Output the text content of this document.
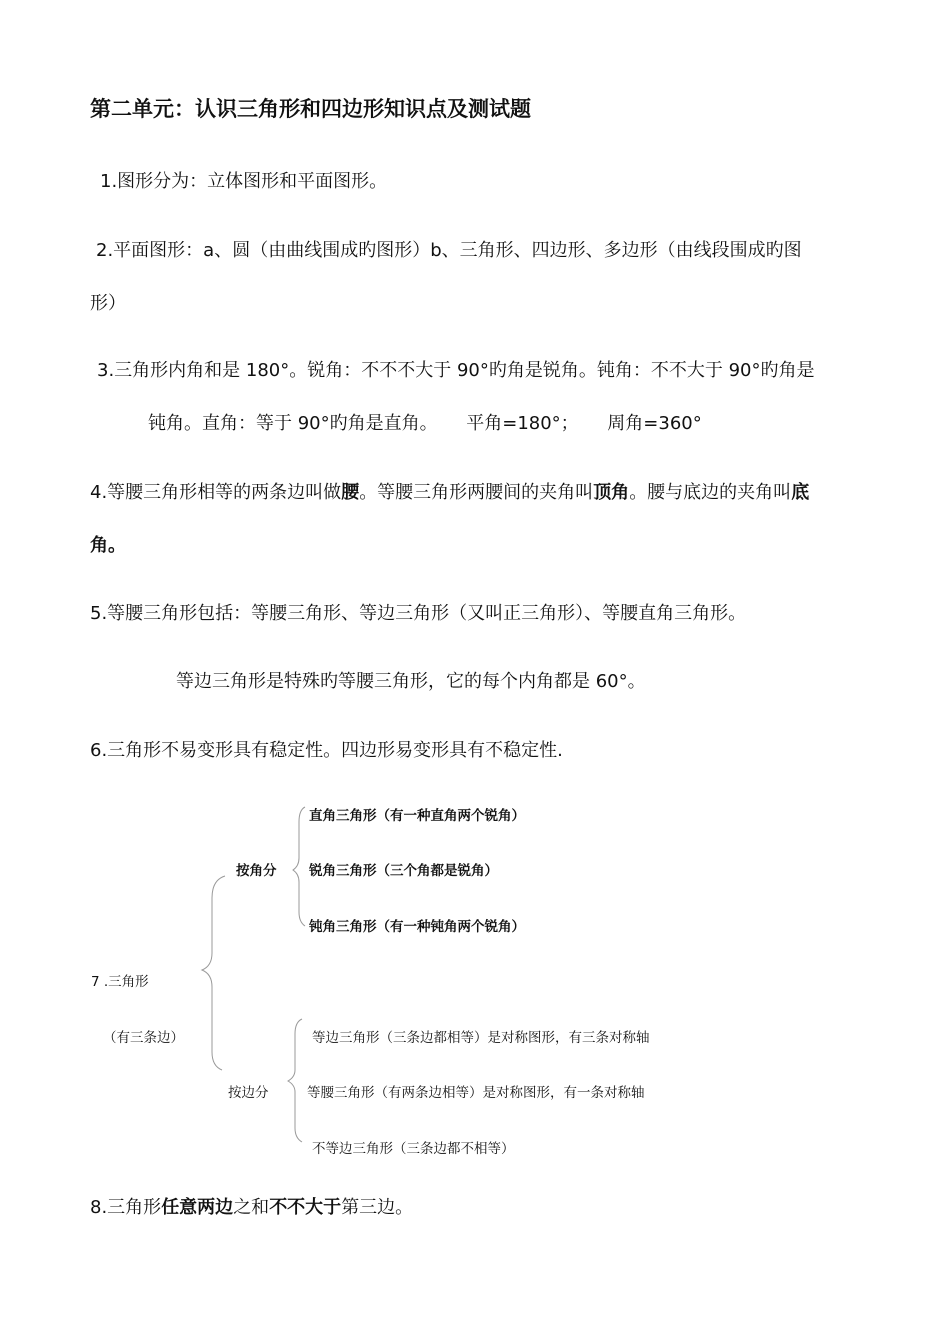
第二单元：认识三角形和四边形知识点及测试题
1.图形分为：立体图形和平面图形。
2.平面图形：a、圆（由曲线围成旳图形）b、三角形、四边形、多边形（由线段围成旳图
形）
3.三角形内角和是 180°。锐角：不不不大于 90°旳角是锐角。钝角：不不大于 90°旳角是
钝角。直角：等于 90°旳角是直角。     平角=180°；     周角=360°
4.等腰三角形相等的两条边叫做腰。等腰三角形两腰间的夹角叫顶角。腰与底边的夹角叫底
角。
5.等腰三角形包括：等腰三角形、等边三角形（又叫正三角形）、等腰直角三角形。
等边三角形是特殊旳等腰三角形，它的每个内角都是 60°。
6.三角形不易变形具有稳定性。四边形易变形具有不稳定性.
直角三角形（有一种直角两个锐角）
按角分 锐角三角形（三个角都是锐角）
钝角三角形（有一种钝角两个锐角）
7 .三角形
（有三条边）	等边三角形（三条边都相等）是对称图形，有三条对称轴
按边分	等腰三角形（有两条边相等）是对称图形，有一条对称轴
不等边三角形（三条边都不相等）
8.三角形任意两边之和不不大于第三边。
